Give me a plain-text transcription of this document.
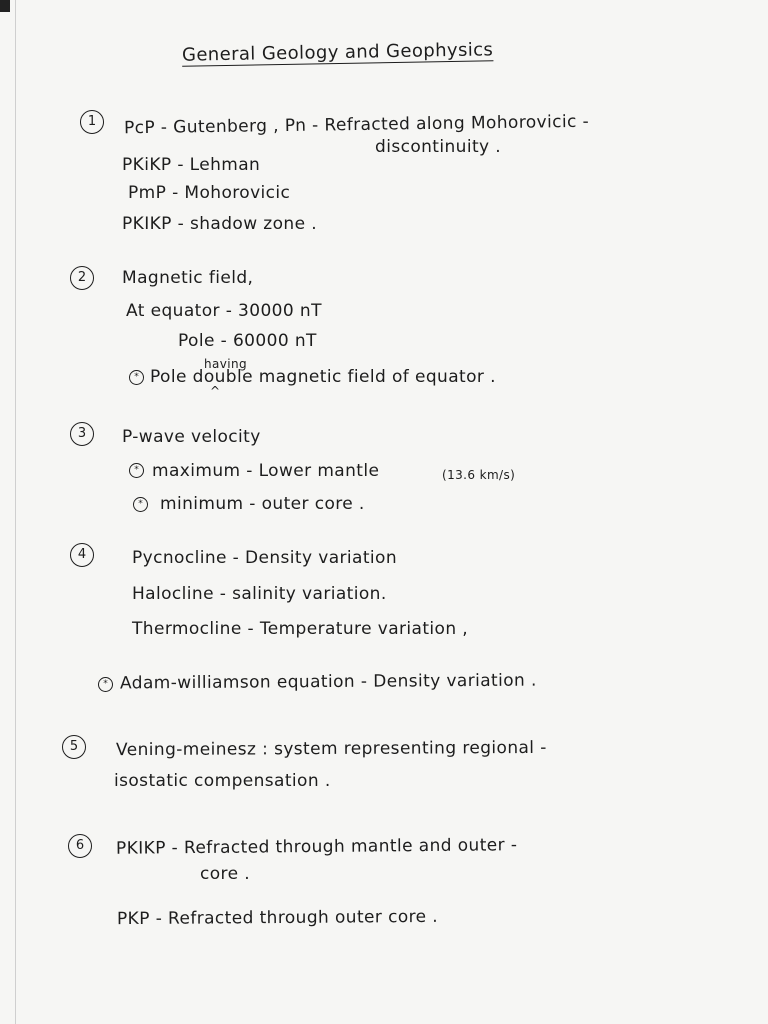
General Geology and Geophysics
1	PcP - Gutenberg , Pn - Refracted along Mohorovicic -
discontinuity .
PKiKP - Lehman
PmP - Mohorovicic
PKIKP - shadow zone .
2	Magnetic field,
At equator - 30000 nT
Pole - 60000 nT
having
^
* Pole double magnetic field of equator .
3	P-wave velocity
* maximum - Lower mantle	(13.6 km/s)
*	minimum - outer core .
4	Pycnocline - Density variation
Halocline - salinity variation.
Thermocline - Temperature variation ,
* Adam-williamson equation - Density variation .
5	Vening-meinesz : system representing regional -
isostatic compensation .
6	PKIKP - Refracted through mantle and outer -
core .
PKP - Refracted through outer core .
